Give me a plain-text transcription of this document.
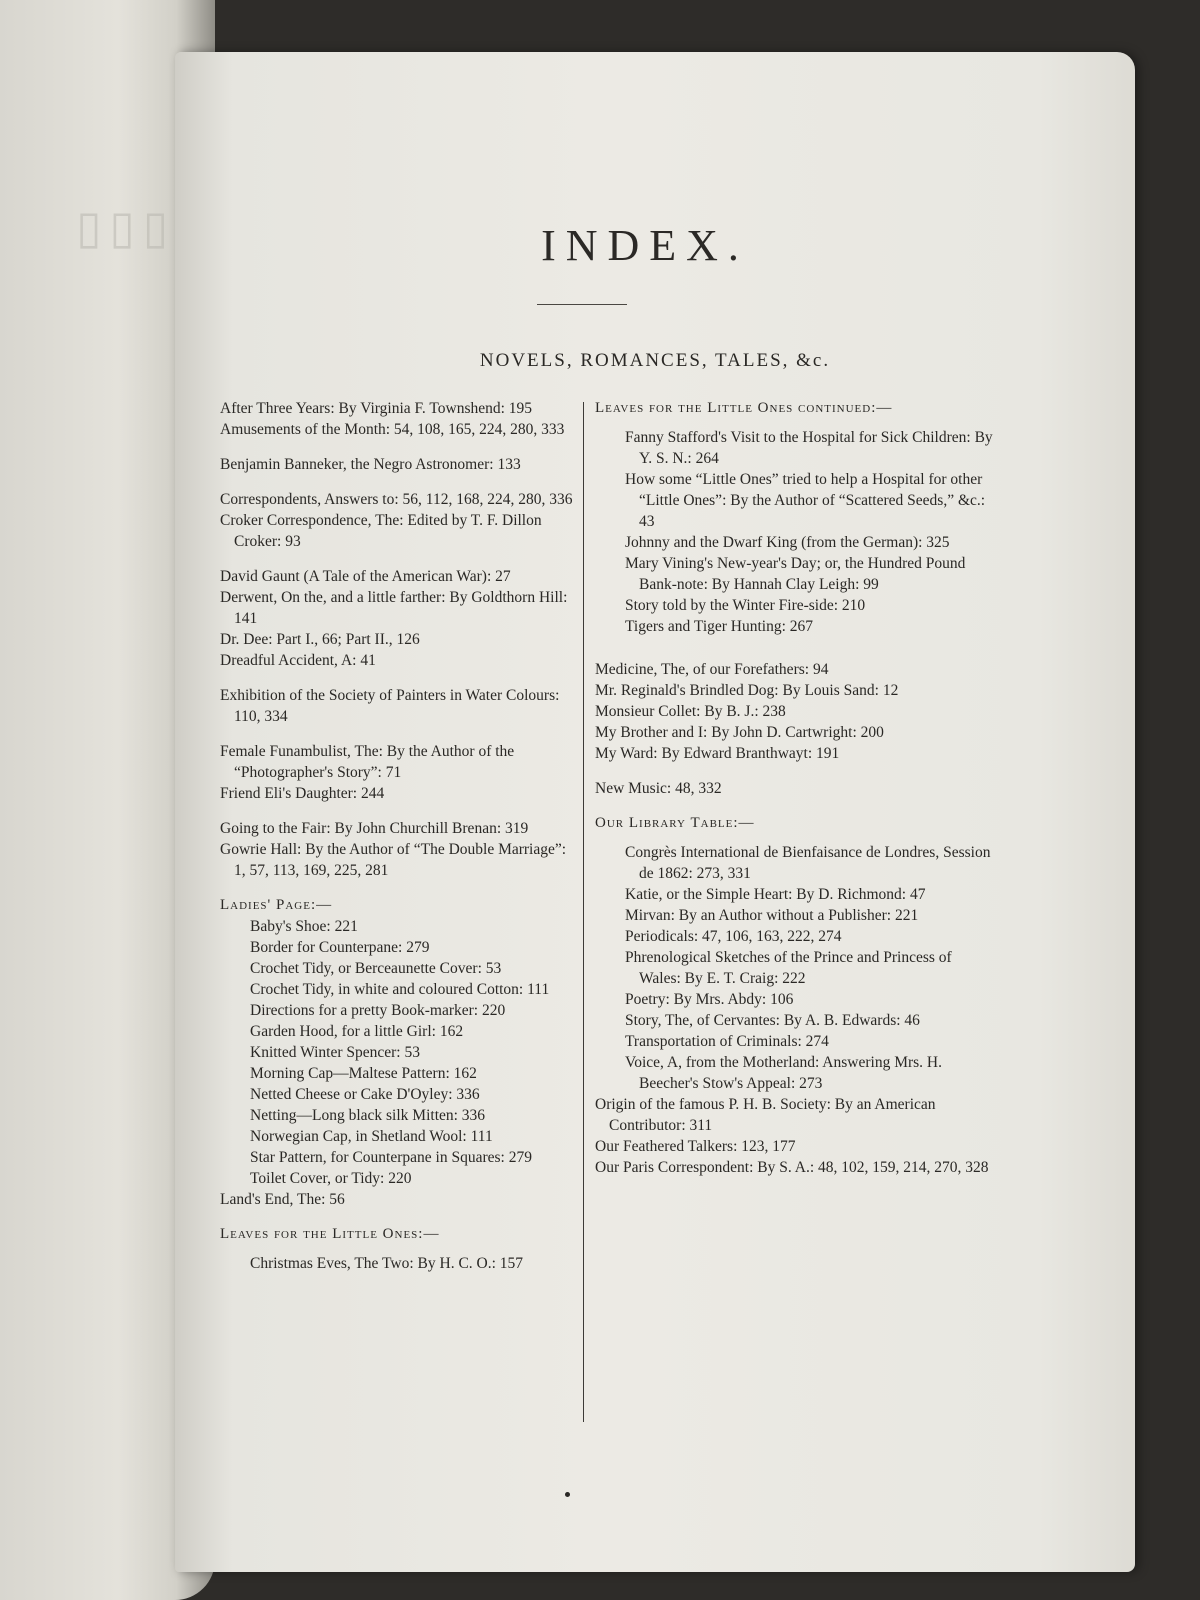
▯▯▯	INDEX.
NOVELS, ROMANCES, TALES, &c.
After Three Years: By Virginia F. Townshend: 195
Amusements of the Month: 54, 108, 165, 224, 280, 333
Benjamin Banneker, the Negro Astronomer: 133
Correspondents, Answers to: 56, 112, 168, 224, 280, 336
Croker Correspondence, The: Edited by T. F. Dillon Croker: 93
David Gaunt (A Tale of the American War): 27
Derwent, On the, and a little farther: By Goldthorn Hill: 141
Dr. Dee: Part I., 66; Part II., 126
Dreadful Accident, A: 41
Exhibition of the Society of Painters in Water Colours: 110, 334
Female Funambulist, The: By the Author of the “Photographer's Story”: 71
Friend Eli's Daughter: 244
Going to the Fair: By John Churchill Brenan: 319
Gowrie Hall: By the Author of “The Double Marriage”: 1, 57, 113, 169, 225, 281
Ladies' Page:—
Baby's Shoe: 221
Border for Counterpane: 279
Crochet Tidy, or Berceaunette Cover: 53
Crochet Tidy, in white and coloured Cotton: 111
Directions for a pretty Book-marker: 220
Garden Hood, for a little Girl: 162
Knitted Winter Spencer: 53
Morning Cap—Maltese Pattern: 162
Netted Cheese or Cake D'Oyley: 336
Netting—Long black silk Mitten: 336
Norwegian Cap, in Shetland Wool: 111
Star Pattern, for Counterpane in Squares: 279
Toilet Cover, or Tidy: 220
Land's End, The: 56
Leaves for the Little Ones:—
Christmas Eves, The Two: By H. C. O.: 157
Leaves for the Little Ones continued:—
Fanny Stafford's Visit to the Hospital for Sick Children: By Y. S. N.: 264
How some “Little Ones” tried to help a Hospital for other “Little Ones”: By the Author of “Scattered Seeds,” &c.: 43
Johnny and the Dwarf King (from the German): 325
Mary Vining's New-year's Day; or, the Hundred Pound Bank-note: By Hannah Clay Leigh: 99
Story told by the Winter Fire-side: 210
Tigers and Tiger Hunting: 267
Medicine, The, of our Forefathers: 94
Mr. Reginald's Brindled Dog: By Louis Sand: 12
Monsieur Collet: By B. J.: 238
My Brother and I: By John D. Cartwright: 200
My Ward: By Edward Branthwayt: 191
New Music: 48, 332
Our Library Table:—
Congrès International de Bienfaisance de Londres, Session de 1862: 273, 331
Katie, or the Simple Heart: By D. Richmond: 47
Mirvan: By an Author without a Publisher: 221
Periodicals: 47, 106, 163, 222, 274
Phrenological Sketches of the Prince and Princess of Wales: By E. T. Craig: 222
Poetry: By Mrs. Abdy: 106
Story, The, of Cervantes: By A. B. Edwards: 46
Transportation of Criminals: 274
Voice, A, from the Motherland: Answering Mrs. H. Beecher's Stow's Appeal: 273
Origin of the famous P. H. B. Society: By an American Contributor: 311
Our Feathered Talkers: 123, 177
Our Paris Correspondent: By S. A.: 48, 102, 159, 214, 270, 328
